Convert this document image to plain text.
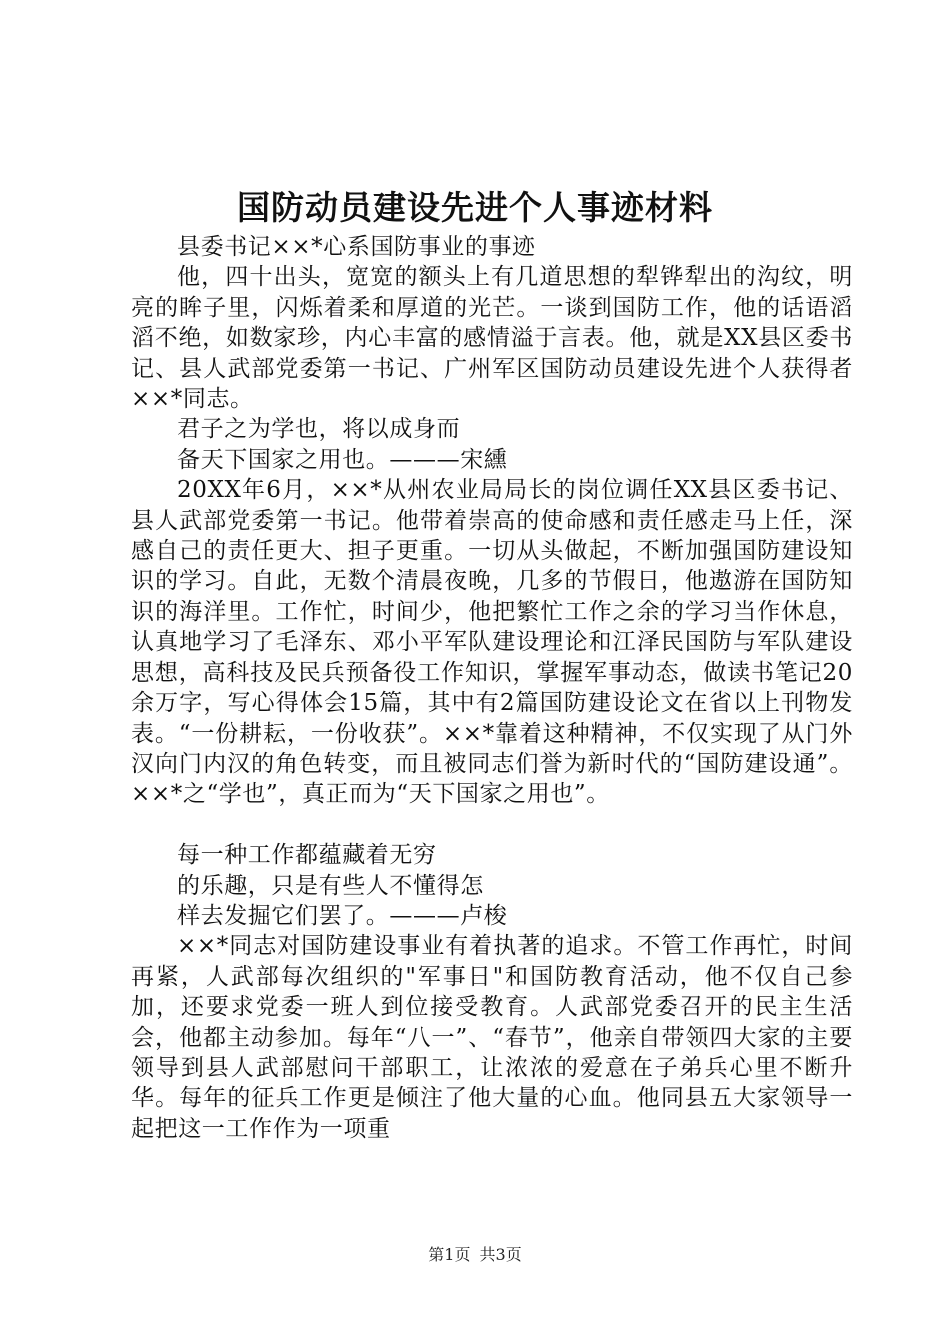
国防动员建设先进个人事迹材料

县委书记××*心系国防事业的事迹

他，四十出头，宽宽的额头上有几道思想的犁铧犁出的沟纹，明亮的眸子里，闪烁着柔和厚道的光芒。一谈到国防工作，他的话语滔滔不绝，如数家珍，内心丰富的感情溢于言表。他，就是XX县区委书记、县人武部党委第一书记、广州军区国防动员建设先进个人获得者××*同志。

君子之为学也，将以成身而

备天下国家之用也。———宋纁

20XX年6月，××*从州农业局局长的岗位调任XX县区委书记、县人武部党委第一书记。他带着崇高的使命感和责任感走马上任，深感自己的责任更大、担子更重。一切从头做起，不断加强国防建设知识的学习。自此，无数个清晨夜晚，几多的节假日，他遨游在国防知识的海洋里。工作忙，时间少，他把繁忙工作之余的学习当作休息，认真地学习了毛泽东、邓小平军队建设理论和江泽民国防与军队建设思想，高科技及民兵预备役工作知识，掌握军事动态，做读书笔记20余万字，写心得体会15篇，其中有2篇国防建设论文在省以上刊物发表。“一份耕耘，一份收获”。××*靠着这种精神，不仅实现了从门外汉向门内汉的角色转变，而且被同志们誉为新时代的“国防建设通”。××*之“学也”，真正而为“天下国家之用也”。

每一种工作都蕴藏着无穷

的乐趣，只是有些人不懂得怎

样去发掘它们罢了。———卢梭

××*同志对国防建设事业有着执著的追求。不管工作再忙，时间再紧，人武部每次组织的"军事日"和国防教育活动，他不仅自己参加，还要求党委一班人到位接受教育。人武部党委召开的民主生活会，他都主动参加。每年“八一”、“春节”，他亲自带领四大家的主要领导到县人武部慰问干部职工，让浓浓的爱意在子弟兵心里不断升华。每年的征兵工作更是倾注了他大量的心血。他同县五大家领导一起把这一工作作为一项重

第1页 共3页
